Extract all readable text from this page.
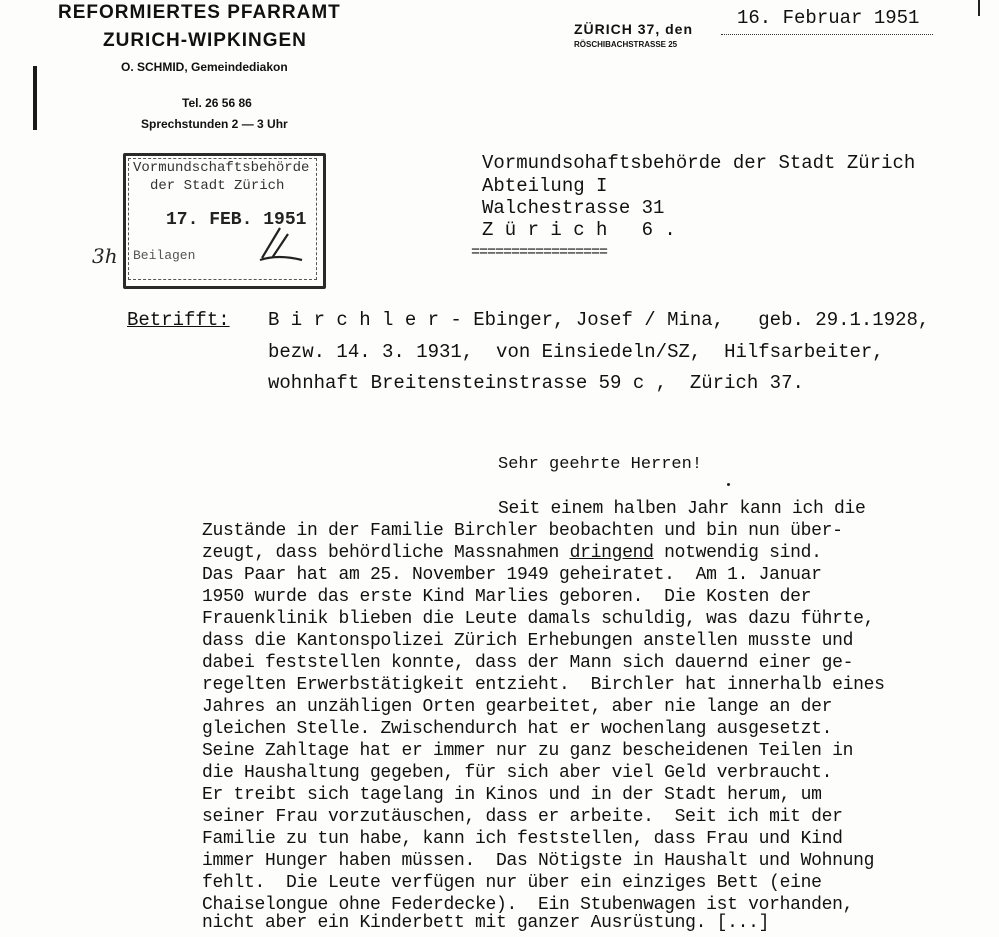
REFORMIERTES PFARRAMT
ZURICH-WIPKINGEN
O. SCHMID, Gemeindediakon
Tel. 26 56 86
Sprechstunden 2 — 3 Uhr
ZÜRICH 37, den
RÖSCHIBACHSTRASSE 25
16. Februar 1951
Vormundschaftsbehörde
der Stadt Zürich
17. FEB. 1951
Beilagen
3h
Vormundsohaftsbehörde der Stadt Zürich
Abteilung I
Walchestrasse 31
Z ü r i c h   6 .
=================
Betrifft: B i r c h l e r - Ebinger, Josef / Mina,   geb. 29.1.1928,
bezw. 14. 3. 1931,  von Einsiedeln/SZ,  Hilfsarbeiter,
wohnhaft Breitensteinstrasse 59 c ,  Zürich 37.
Sehr geehrte Herren!
Seit einem halben Jahr kann ich die
Zustände in der Familie Birchler beobachten und bin nun über-
zeugt, dass behördliche Massnahmen dringend notwendig sind.
Das Paar hat am 25. November 1949 geheiratet.  Am 1. Januar
1950 wurde das erste Kind Marlies geboren.  Die Kosten der
Frauenklinik blieben die Leute damals schuldig, was dazu führte,
dass die Kantonspolizei Zürich Erhebungen anstellen musste und
dabei feststellen konnte, dass der Mann sich dauernd einer ge-
regelten Erwerbstätigkeit entzieht.  Birchler hat innerhalb eines
Jahres an unzähligen Orten gearbeitet, aber nie lange an der
gleichen Stelle. Zwischendurch hat er wochenlang ausgesetzt.
Seine Zahltage hat er immer nur zu ganz bescheidenen Teilen in
die Haushaltung gegeben, für sich aber viel Geld verbraucht.
Er treibt sich tagelang in Kinos und in der Stadt herum, um
seiner Frau vorzutäuschen, dass er arbeite.  Seit ich mit der
Familie zu tun habe, kann ich feststellen, dass Frau und Kind
immer Hunger haben müssen.  Das Nötigste in Haushalt und Wohnung
fehlt.  Die Leute verfügen nur über ein einziges Bett (eine
Chaiselongue ohne Federdecke).  Ein Stubenwagen ist vorhanden,
nicht aber ein Kinderbett mit ganzer Ausrüstung. [...]
